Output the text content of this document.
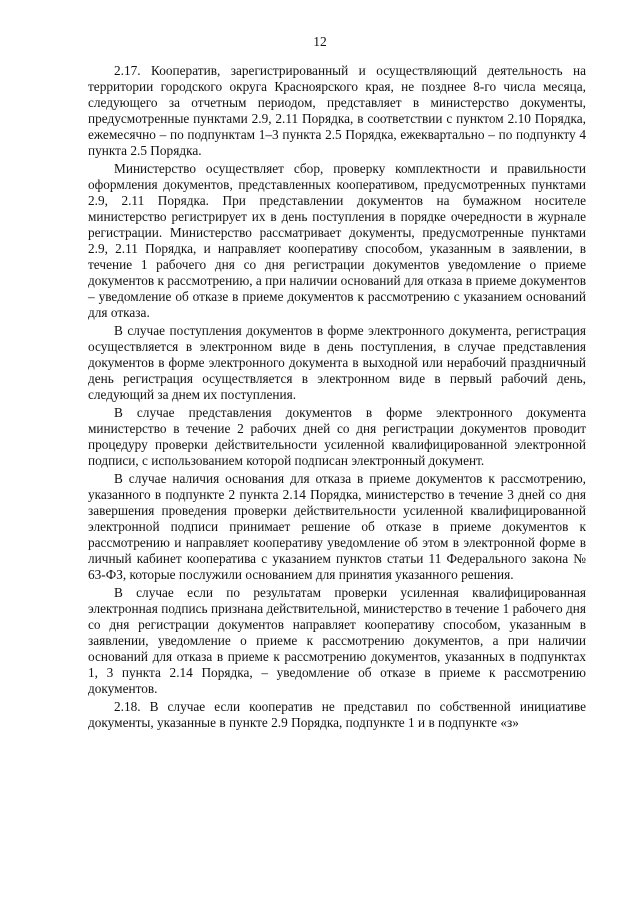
12

2.17. Кооператив, зарегистрированный и осуществляющий деятельность на территории городского округа Красноярского края, не позднее 8-го числа месяца, следующего за отчетным периодом, представляет в министерство документы, предусмотренные пунктами 2.9, 2.11 Порядка, в соответствии с пунктом 2.10 Порядка, ежемесячно – по подпунктам 1–3 пункта 2.5 Порядка, ежеквартально – по подпункту 4 пункта 2.5 Порядка.

Министерство осуществляет сбор, проверку комплектности и правильности оформления документов, представленных кооперативом, предусмотренных пунктами 2.9, 2.11 Порядка. При представлении документов на бумажном носителе министерство регистрирует их в день поступления в порядке очередности в журнале регистрации. Министерство рассматривает документы, предусмотренные пунктами 2.9, 2.11 Порядка, и направляет кооперативу способом, указанным в заявлении, в течение 1 рабочего дня со дня регистрации документов уведомление о приеме документов к рассмотрению, а при наличии оснований для отказа в приеме документов – уведомление об отказе в приеме документов к рассмотрению с указанием оснований для отказа.

В случае поступления документов в форме электронного документа, регистрация осуществляется в электронном виде в день поступления, в случае представления документов в форме электронного документа в выходной или нерабочий праздничный день регистрация осуществляется в электронном виде в первый рабочий день, следующий за днем их поступления.

В случае представления документов в форме электронного документа министерство в течение 2 рабочих дней со дня регистрации документов проводит процедуру проверки действительности усиленной квалифицированной электронной подписи, с использованием которой подписан электронный документ.

В случае наличия основания для отказа в приеме документов к рассмотрению, указанного в подпункте 2 пункта 2.14 Порядка, министерство в течение 3 дней со дня завершения проведения проверки действительности усиленной квалифицированной электронной подписи принимает решение об отказе в приеме документов к рассмотрению и направляет кооперативу уведомление об этом в электронной форме в личный кабинет кооператива с указанием пунктов статьи 11 Федерального закона № 63-ФЗ, которые послужили основанием для принятия указанного решения.

В случае если по результатам проверки усиленная квалифицированная электронная подпись признана действительной, министерство в течение 1 рабочего дня со дня регистрации документов направляет кооперативу способом, указанным в заявлении, уведомление о приеме к рассмотрению документов, а при наличии оснований для отказа в приеме к рассмотрению документов, указанных в подпунктах 1, 3 пункта 2.14 Порядка, – уведомление об отказе в приеме к рассмотрению документов.

2.18. В случае если кооператив не представил по собственной инициативе документы, указанные в пункте 2.9 Порядка, подпункте 1 и в подпункте «з»
